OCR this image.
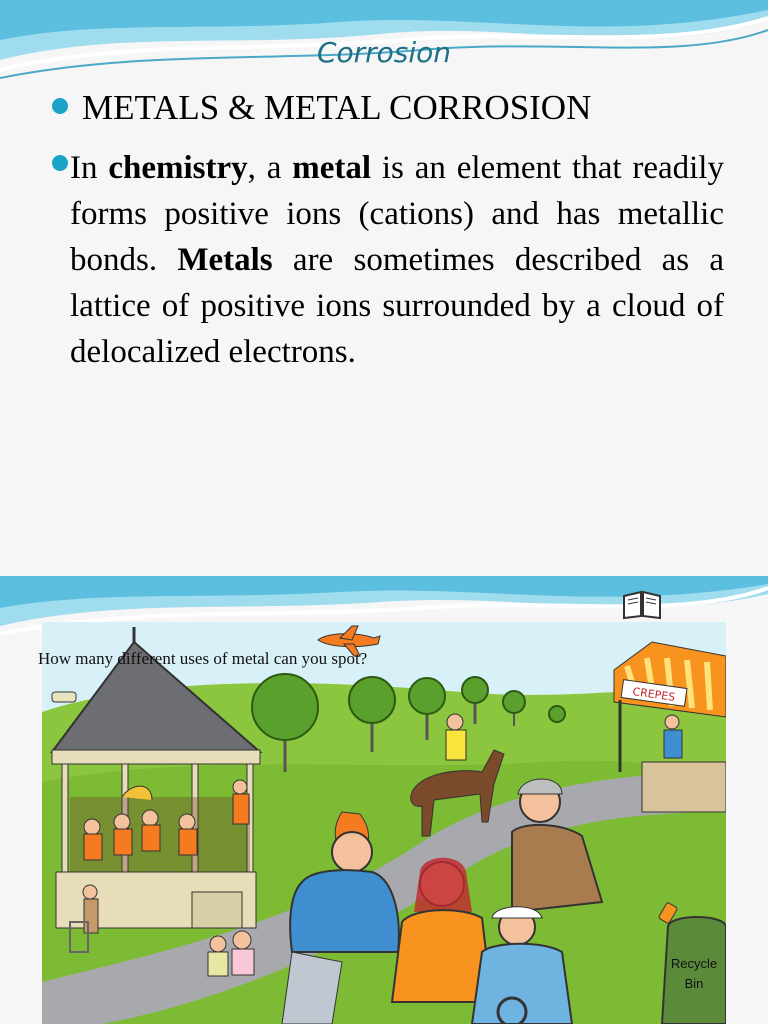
Corrosion
METALS & METAL CORROSION
In chemistry, a metal is an element that readily forms positive ions (cations) and has metallic bonds. Metals are sometimes described as a lattice of positive ions surrounded by a cloud of delocalized electrons.
CREPES
Recycle
Bin
How many different uses of metal can you spot?
